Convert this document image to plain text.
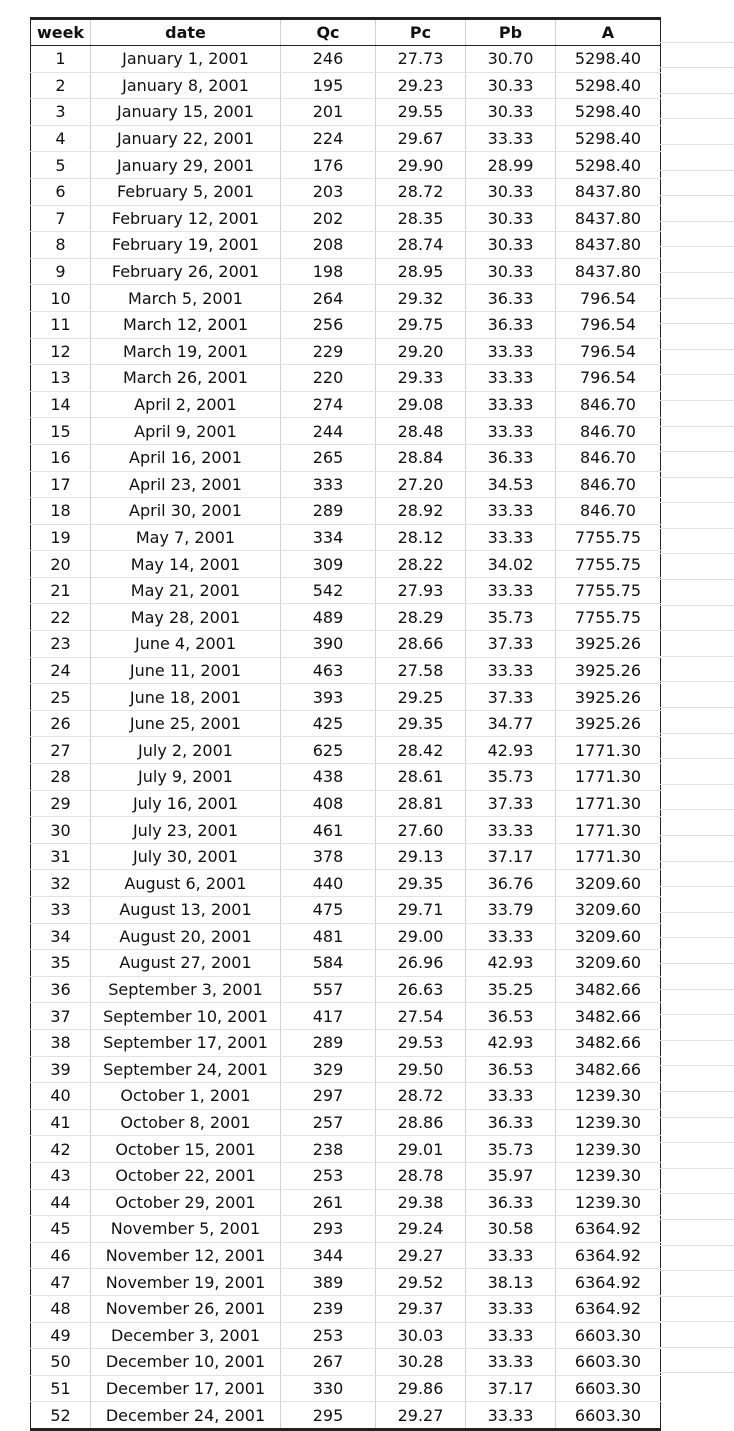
week	date	Qc	Pc	Pb	A
1	January 1, 2001	246	27.73	30.70	5298.40
2	January 8, 2001	195	29.23	30.33	5298.40
3	January 15, 2001	201	29.55	30.33	5298.40
4	January 22, 2001	224	29.67	33.33	5298.40
5	January 29, 2001	176	29.90	28.99	5298.40
6	February 5, 2001	203	28.72	30.33	8437.80
7	February 12, 2001	202	28.35	30.33	8437.80
8	February 19, 2001	208	28.74	30.33	8437.80
9	February 26, 2001	198	28.95	30.33	8437.80
10	March 5, 2001	264	29.32	36.33	796.54
11	March 12, 2001	256	29.75	36.33	796.54
12	March 19, 2001	229	29.20	33.33	796.54
13	March 26, 2001	220	29.33	33.33	796.54
14	April 2, 2001	274	29.08	33.33	846.70
15	April 9, 2001	244	28.48	33.33	846.70
16	April 16, 2001	265	28.84	36.33	846.70
17	April 23, 2001	333	27.20	34.53	846.70
18	April 30, 2001	289	28.92	33.33	846.70
19	May 7, 2001	334	28.12	33.33	7755.75
20	May 14, 2001	309	28.22	34.02	7755.75
21	May 21, 2001	542	27.93	33.33	7755.75
22	May 28, 2001	489	28.29	35.73	7755.75
23	June 4, 2001	390	28.66	37.33	3925.26
24	June 11, 2001	463	27.58	33.33	3925.26
25	June 18, 2001	393	29.25	37.33	3925.26
26	June 25, 2001	425	29.35	34.77	3925.26
27	July 2, 2001	625	28.42	42.93	1771.30
28	July 9, 2001	438	28.61	35.73	1771.30
29	July 16, 2001	408	28.81	37.33	1771.30
30	July 23, 2001	461	27.60	33.33	1771.30
31	July 30, 2001	378	29.13	37.17	1771.30
32	August 6, 2001	440	29.35	36.76	3209.60
33	August 13, 2001	475	29.71	33.79	3209.60
34	August 20, 2001	481	29.00	33.33	3209.60
35	August 27, 2001	584	26.96	42.93	3209.60
36	September 3, 2001	557	26.63	35.25	3482.66
37	September 10, 2001	417	27.54	36.53	3482.66
38	September 17, 2001	289	29.53	42.93	3482.66
39	September 24, 2001	329	29.50	36.53	3482.66
40	October 1, 2001	297	28.72	33.33	1239.30
41	October 8, 2001	257	28.86	36.33	1239.30
42	October 15, 2001	238	29.01	35.73	1239.30
43	October 22, 2001	253	28.78	35.97	1239.30
44	October 29, 2001	261	29.38	36.33	1239.30
45	November 5, 2001	293	29.24	30.58	6364.92
46	November 12, 2001	344	29.27	33.33	6364.92
47	November 19, 2001	389	29.52	38.13	6364.92
48	November 26, 2001	239	29.37	33.33	6364.92
49	December 3, 2001	253	30.03	33.33	6603.30
50	December 10, 2001	267	30.28	33.33	6603.30
51	December 17, 2001	330	29.86	37.17	6603.30
52	December 24, 2001	295	29.27	33.33	6603.30
